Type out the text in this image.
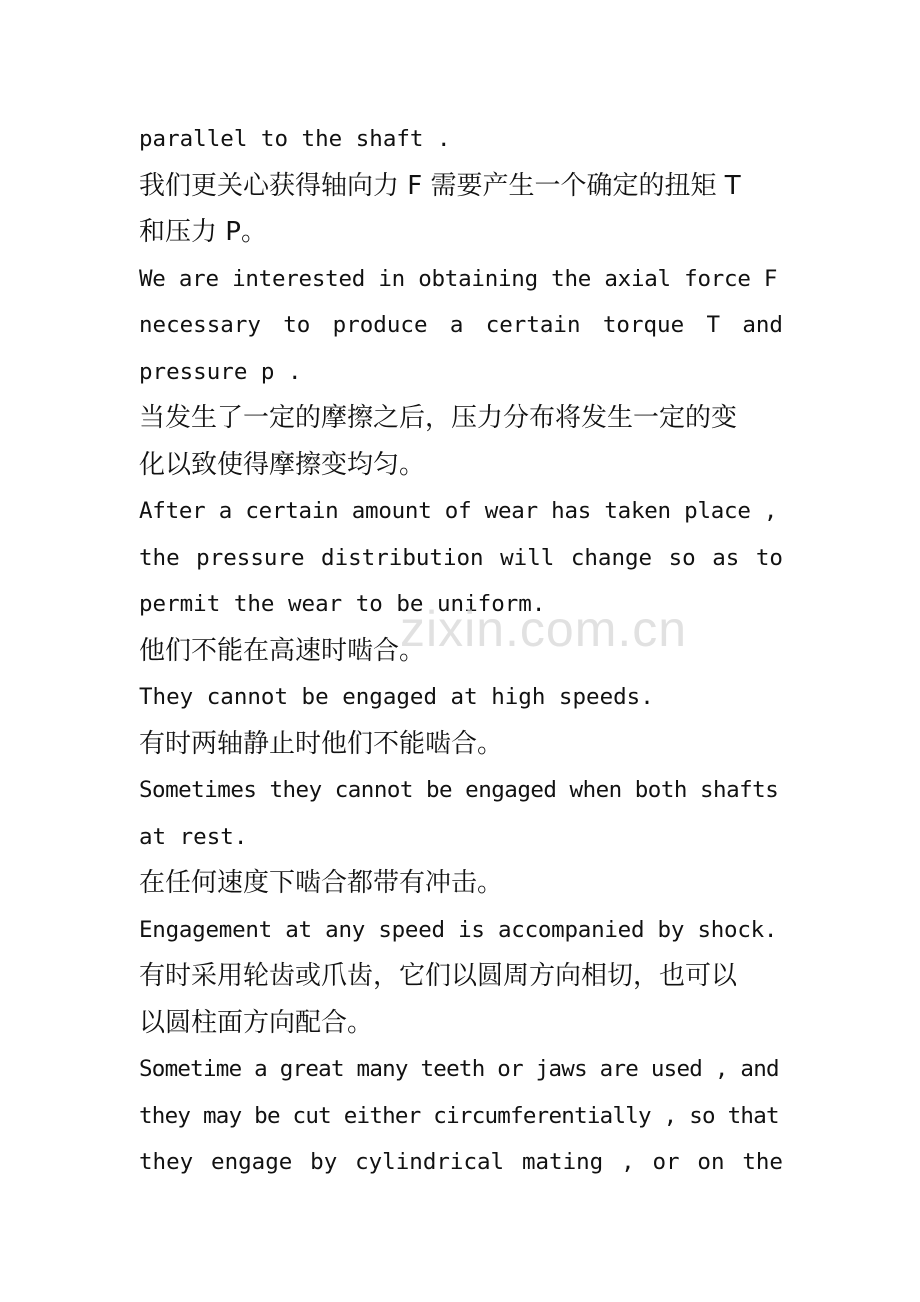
parallel to the shaft .
我们更关心获得轴向力 F 需要产生一个确定的扭矩 T
和压力 P。
We are interested in obtaining the axial force F
necessary to produce a certain torque T and
pressure p .
当发生了一定的摩擦之后，压力分布将发生一定的变
化以致使得摩擦变均匀。
After a certain amount of wear has taken place ,
the pressure distribution will change so as to
permit the wear to be uniform.
他们不能在高速时啮合。
They cannot be engaged at high speeds.
有时两轴静止时他们不能啮合。
Sometimes they cannot be engaged when both shafts
at rest.
在任何速度下啮合都带有冲击。
Engagement at any speed is accompanied by shock.
有时采用轮齿或爪齿，它们以圆周方向相切，也可以
以圆柱面方向配合。
Sometime a great many teeth or jaws are used , and
they may be cut either circumferentially , so that
they engage by cylindrical mating , or on the
zixin.com.cn
